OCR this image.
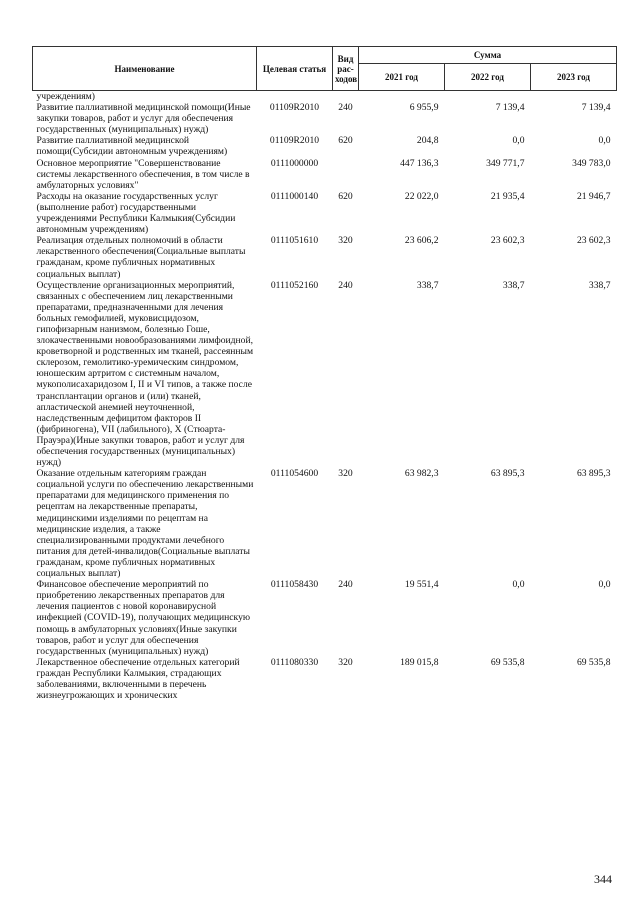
Наименование	Целевая статья	Вид рас-ходов	Сумма		
			2021 год	2022 год	2023 год
учреждениям)					
Развитие паллиативной медицинской помощи(Иные закупки товаров, работ и услуг для обеспечения государственных (муниципальных) нужд)	01109R2010	240	6 955,9	7 139,4	7 139,4
Развитие паллиативной медицинской помощи(Субсидии автономным учреждениям)	01109R2010	620	204,8	0,0	0,0
Основное мероприятие "Совершенствование системы лекарственного обеспечения, в том числе в амбулаторных условиях"	0111000000		447 136,3	349 771,7	349 783,0
Расходы на оказание государственных услуг (выполнение работ) государственными учреждениями Республики Калмыкия(Субсидии автономным учреждениям)	0111000140	620	22 022,0	21 935,4	21 946,7
Реализация отдельных полномочий в области лекарственного обеспечения(Социальные выплаты гражданам, кроме публичных нормативных социальных выплат)	0111051610	320	23 606,2	23 602,3	23 602,3
Осуществление организационных мероприятий, связанных с обеспечением лиц лекарственными препаратами, предназначенными для лечения больных гемофилией, муковисцидозом, гипофизарным нанизмом, болезнью Гоше, злокачественными новообразованиями лимфоидной, кроветворной и родственных им тканей, рассеянным склерозом, гемолитико-уремическим синдромом, юношеским артритом с системным началом, мукополисахаридозом I, II и VI типов, а также после трансплантации органов и (или) тканей, апластической анемией неуточненной, наследственным дефицитом факторов II (фибриногена), VII (лабильного), X (Стюарта-Прауэра)(Иные закупки товаров, работ и услуг для обеспечения государственных (муниципальных) нужд)	0111052160	240	338,7	338,7	338,7
Оказание отдельным категориям граждан социальной услуги по обеспечению лекарственными препаратами для медицинского применения по рецептам на лекарственные препараты, медицинскими изделиями по рецептам на медицинские изделия, а также специализированными продуктами лечебного питания для детей-инвалидов(Социальные выплаты гражданам, кроме публичных нормативных социальных выплат)	0111054600	320	63 982,3	63 895,3	63 895,3
Финансовое обеспечение мероприятий по приобретению лекарственных препаратов для лечения пациентов с новой коронавирусной инфекцией (COVID-19), получающих медицинскую помощь в амбулаторных условиях(Иные закупки товаров, работ и услуг для обеспечения государственных (муниципальных) нужд)	0111058430	240	19 551,4	0,0	0,0
Лекарственное обеспечение отдельных категорий граждан Республики Калмыкия, страдающих заболеваниями, включенными в перечень жизнеугрожающих и хронических	0111080330	320	189 015,8	69 535,8	69 535,8
344
